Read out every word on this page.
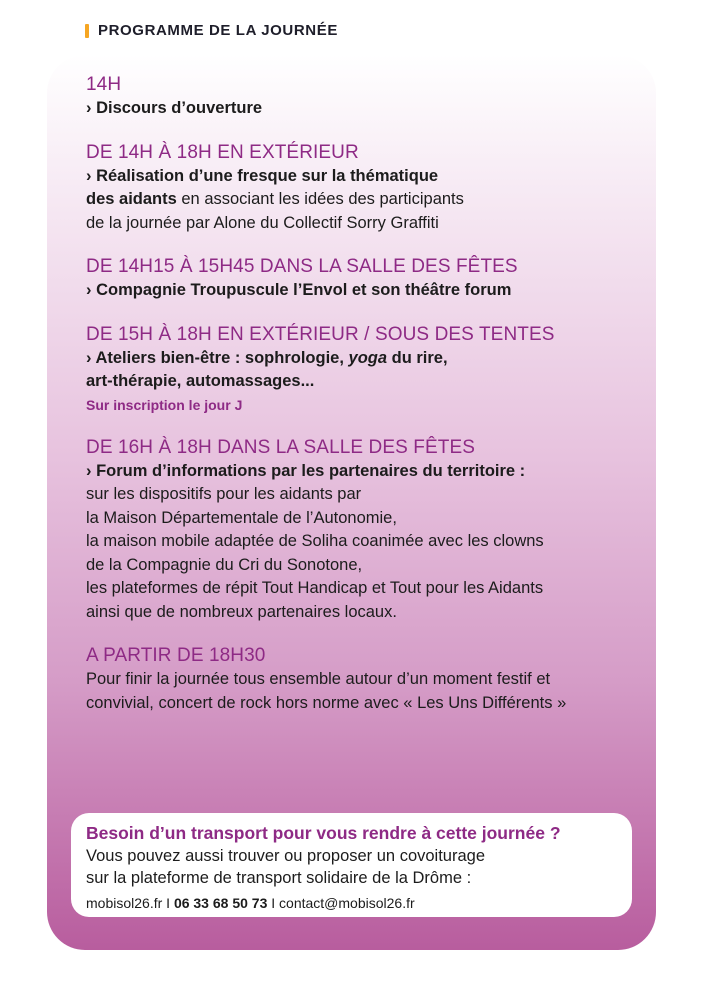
PROGRAMME DE LA JOURNÉE
14H
› Discours d’ouverture
DE 14H À 18H EN EXTÉRIEUR
› Réalisation d’une fresque sur la thématique
des aidants en associant les idées des participants
de la journée par Alone du Collectif Sorry Graffiti
DE 14H15 À 15H45 DANS LA SALLE DES FÊTES
› Compagnie Troupuscule l’Envol et son théâtre forum
DE 15H À 18H EN EXTÉRIEUR / SOUS DES TENTES
› Ateliers bien-être : sophrologie, yoga du rire,
art-thérapie, automassages...
Sur inscription le jour J
DE 16H À 18H DANS LA SALLE DES FÊTES
› Forum d’informations par les partenaires du territoire :
sur les dispositifs pour les aidants par
la Maison Départementale de l’Autonomie,
la maison mobile adaptée de Soliha coanimée avec les clowns
de la Compagnie du Cri du Sonotone,
les plateformes de répit Tout Handicap et Tout pour les Aidants
ainsi que de nombreux partenaires locaux.
A PARTIR DE 18H30
Pour finir la journée tous ensemble autour d’un moment festif et
convivial, concert de rock hors norme avec « Les Uns Différents »
Besoin d’un transport pour vous rendre à cette journée ?
Vous pouvez aussi trouver ou proposer un covoiturage
sur la plateforme de transport solidaire de la Drôme :
mobisol26.fr I 06 33 68 50 73 I contact@mobisol26.fr
